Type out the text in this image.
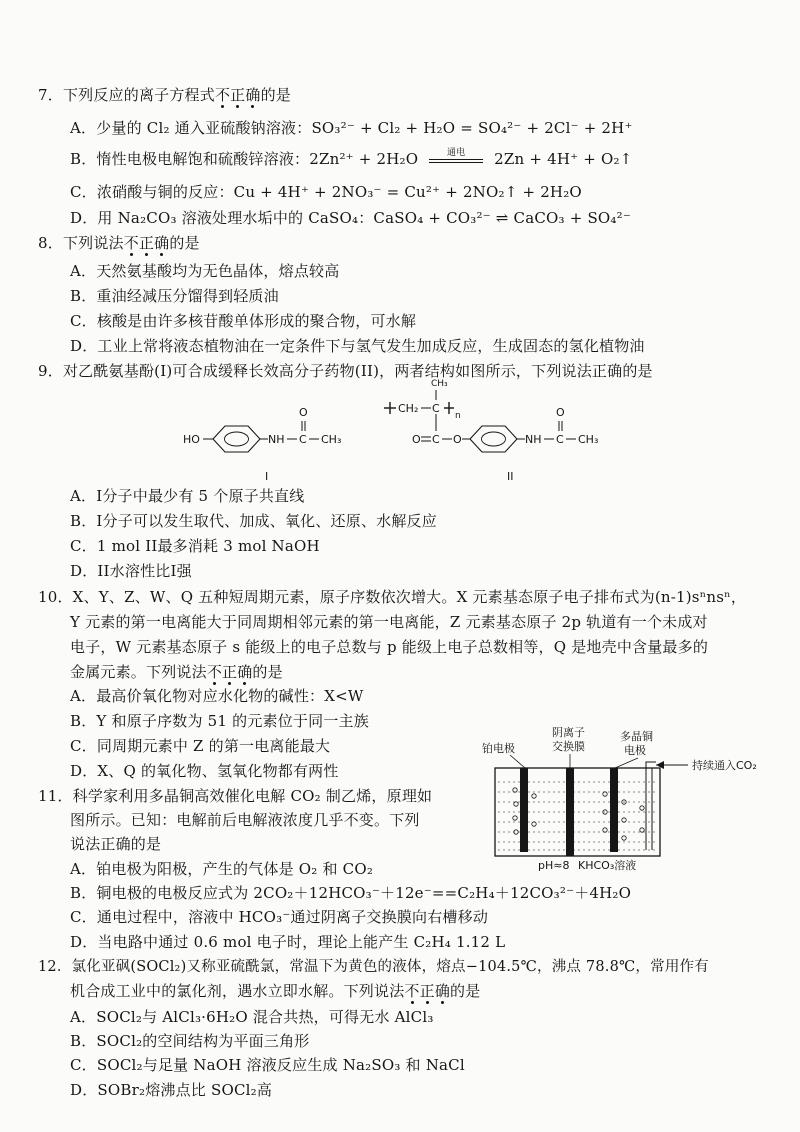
7．下列反应的离子方程式不正确的是
A．少量的 Cl₂ 通入亚硫酸钠溶液：SO₃²⁻ + Cl₂ + H₂O = SO₄²⁻ + 2Cl⁻ + 2H⁺
B．惰性电极电解饱和硫酸锌溶液：2Zn²⁺ + 2H₂O	通电	2Zn + 4H⁺ + O₂↑
C．浓硝酸与铜的反应：Cu + 4H⁺ + 2NO₃⁻ = Cu²⁺ + 2NO₂↑ + 2H₂O
D．用 Na₂CO₃ 溶液处理水垢中的 CaSO₄：CaSO₄ + CO₃²⁻ ⇌ CaCO₃ + SO₄²⁻
8．下列说法不正确的是
A．天然氨基酸均为无色晶体，熔点较高
B．重油经减压分馏得到轻质油
C．核酸是由许多核苷酸单体形成的聚合物，可水解
D．工业上常将液态植物油在一定条件下与氢气发生加成反应，生成固态的氢化植物油
9．对乙酰氨基酚(I)可合成缓释长效高分子药物(II)，两者结构如图所示，下列说法正确的是
HO	NH C
O
CH₃
I
CH₂ C
CH₃
n
C
O	O	NH C
O
CH₃
II
A．I分子中最少有 5 个原子共直线
B．I分子可以发生取代、加成、氧化、还原、水解反应
C．1 mol II最多消耗 3 mol NaOH
D．II水溶性比I强
10．X、Y、Z、W、Q 五种短周期元素，原子序数依次增大。X 元素基态原子电子排布式为(n-1)sⁿnsⁿ，
Y 元素的第一电离能大于同周期相邻元素的第一电离能，Z 元素基态原子 2p 轨道有一个未成对
电子，W 元素基态原子 s 能级上的电子总数与 p 能级上电子总数相等，Q 是地壳中含量最多的
金属元素。下列说法不正确的是
A．最高价氧化物对应水化物的碱性：X<W
B．Y 和原子序数为 51 的元素位于同一主族
C．同周期元素中 Z 的第一电离能最大
D．X、Q 的氧化物、氢氧化物都有两性
铂电极
阴离子
交换膜
多晶铜
电极
持续通入CO₂
pH≈8 KHCO₃溶液
11．科学家利用多晶铜高效催化电解 CO₂ 制乙烯，原理如
图所示。已知：电解前后电解液浓度几乎不变。下列
说法正确的是
A．铂电极为阳极，产生的气体是 O₂ 和 CO₂
B．铜电极的电极反应式为 2CO₂＋12HCO₃⁻＋12e⁻==C₂H₄＋12CO₃²⁻＋4H₂O
C．通电过程中，溶液中 HCO₃⁻通过阴离子交换膜向右槽移动
D．当电路中通过 0.6 mol 电子时，理论上能产生 C₂H₄ 1.12 L
12．氯化亚砜(SOCl₂)又称亚硫酰氯，常温下为黄色的液体，熔点−104.5℃，沸点 78.8℃，常用作有
机合成工业中的氯化剂，遇水立即水解。下列说法不正确的是
A．SOCl₂与 AlCl₃·6H₂O 混合共热，可得无水 AlCl₃
B．SOCl₂的空间结构为平面三角形
C．SOCl₂与足量 NaOH 溶液反应生成 Na₂SO₃ 和 NaCl
D．SOBr₂熔沸点比 SOCl₂高
